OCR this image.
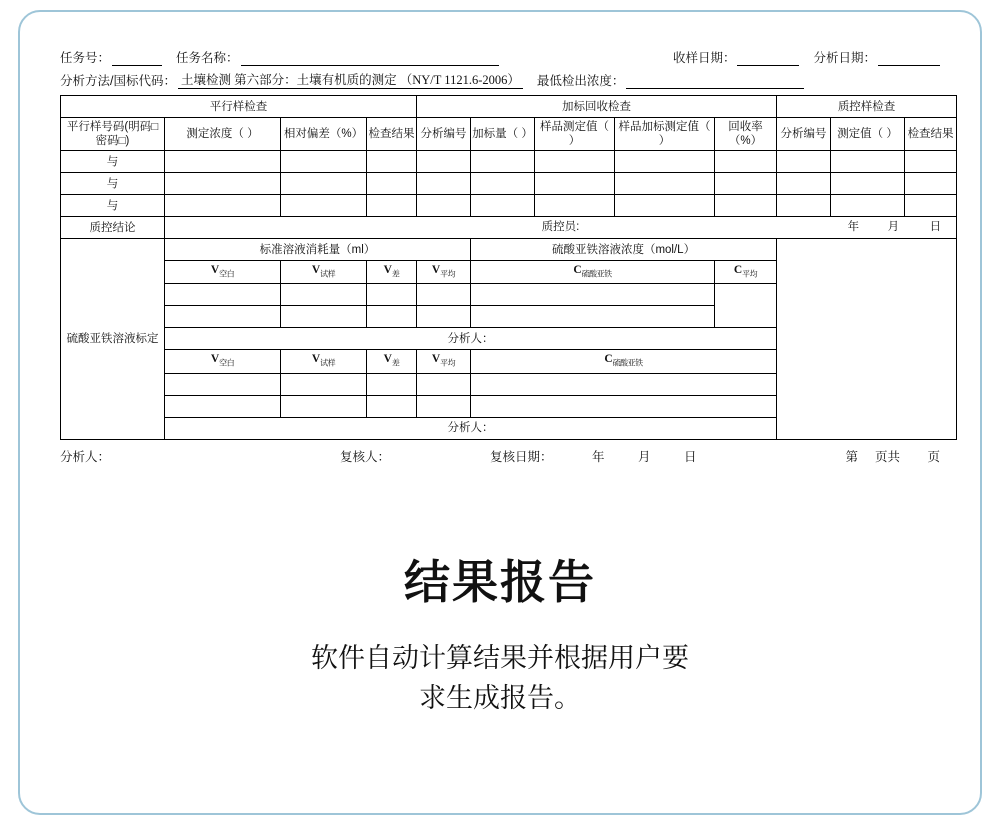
任务号：	任务名称：	收样日期：	分析日期：
分析方法/国标代码： 土壤检测 第六部分：土壤有机质的测定 （NY/T 1121.6-2006） 最低检出浓度：
平行样检查				加标回收检查					质控样检查		
平行样号码(明码□ 密码□)	测定浓度（ ）	相对偏差（%）	检查结果	分析编号	加标量（ ）	样品测定值（ ）	样品加标测定值（ ）	回收率（%）	分析编号	测定值（ ）	检查结果
与											
与											
与											
质控结论	质控员: 年 月 日										

硫酸亚铁溶液标定	标准溶液消耗量（ml）				硫酸亚铁溶液浓度（mol/L）						
	$V_{空白}$	$V_{试样}$	$V_差$	$V_{平均}$	$C_{硫酸亚铁}$			$C_{平均}$

	分析人：										
	$V_{空白}$	$V_{试样}$	$V_差$	$V_{平均}$	$C_{硫酸亚铁}$

	分析人：										
分析人：	复核人：	复核日期：	年	月	日	第	页共	页
结果报告

软件自动计算结果并根据用户要
求生成报告。
